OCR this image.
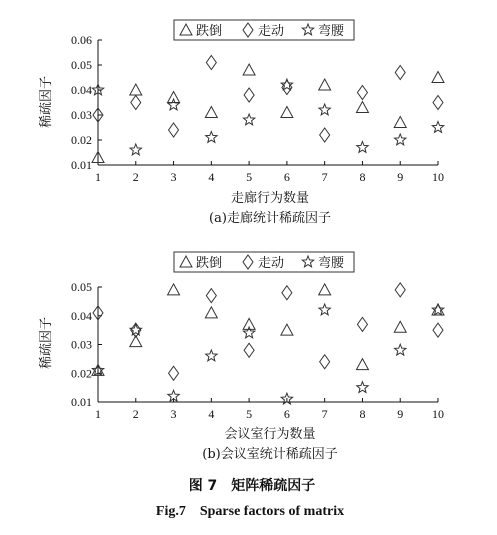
跌倒	走动	弯腰
0.01
0.02
0.03
0.04
0.05
0.06
1	2	3	4	5	6	7	8	9 10
稀疏因子
走廊行为数量
(a)走廊统计稀疏因子
跌倒	走动	弯腰
0.01
0.02
0.03
0.04
0.05
1	2	3	4	5	6	7	8	9 10
稀疏因子
会议室行为数量
(b)会议室统计稀疏因子
图 7　矩阵稀疏因子
Fig.7　Sparse factors of matrix
